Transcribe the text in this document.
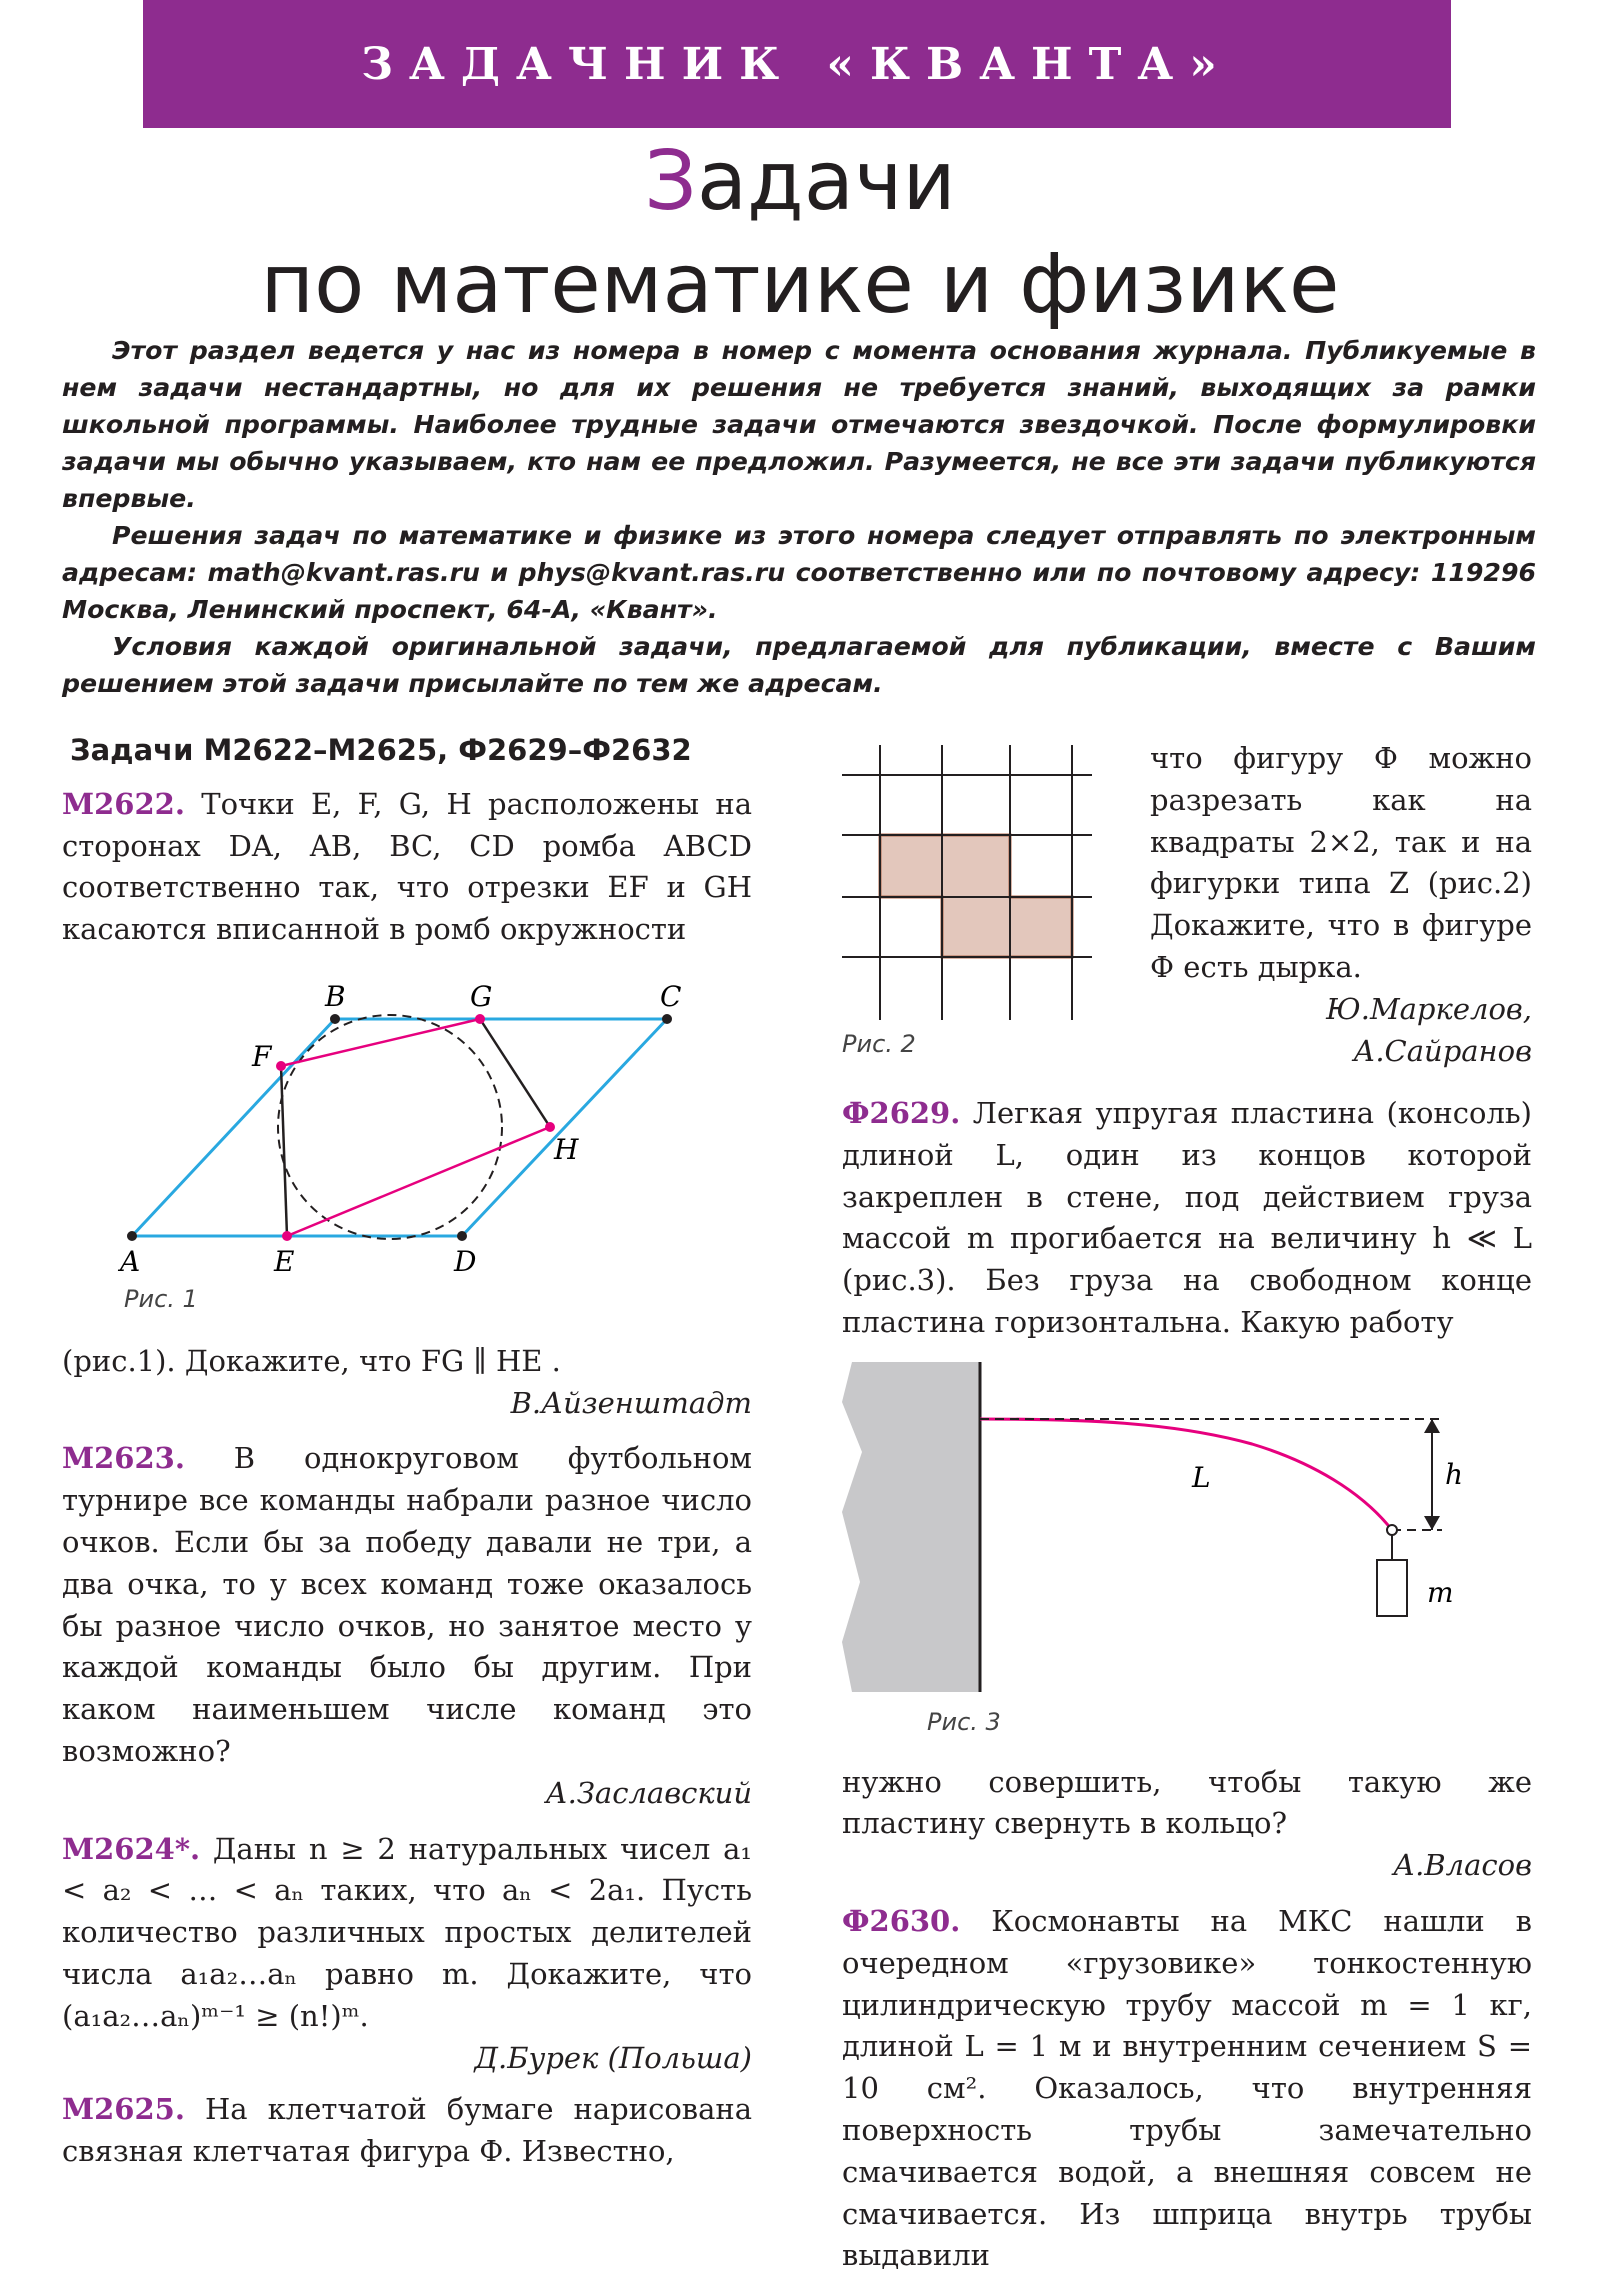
ЗАДАЧНИК «КВАНТА»
Задачи
по математике и физике

Этот раздел ведется у нас из номера в номер с момента основания журнала. Публикуемые в нем задачи нестандартны, но для их решения не требуется знаний, выходящих за рамки школьной программы. Наиболее трудные задачи отмечаются звездочкой. После формулировки задачи мы обычно указываем, кто нам ее предложил. Разумеется, не все эти задачи публикуются впервые.

Решения задач по математике и физике из этого номера следует отправлять по электронным адресам: math@kvant.ras.ru и phys@kvant.ras.ru соответственно или по почтовому адресу: 119296 Москва, Ленинский проспект, 64-А, «Квант».

Условия каждой оригинальной задачи, предлагаемой для публикации, вместе с Вашим решением этой задачи присылайте по тем же адресам.

Задачи М2622–М2625, Ф2629–Ф2632

М2622. Точки E, F, G, H расположены на сторонах DA, AB, BC, CD ромба ABCD соответственно так, что отрезки EF и GH касаются вписанной в ромб окружности

A
B	C
D
E
F
G
H
Рис. 1

(рис.1). Докажите, что FG ∥ HE .

В.Айзенштадт

М2623. В однокруговом футбольном турнире все команды набрали разное число очков. Если бы за победу давали не три, а два очка, то у всех команд тоже оказалось бы разное число очков, но занятое место у каждой команды было бы другим. При каком наименьшем числе команд это возможно?

А.Заславский

М2624*. Даны n ≥ 2 натуральных чисел a₁ < a₂ < … < aₙ таких, что aₙ < 2a₁. Пусть количество различных простых делителей числа a₁a₂…aₙ равно m. Докажите, что (a₁a₂…aₙ)ᵐ⁻¹ ≥ (n!)ᵐ.

Д.Бурек (Польша)

М2625. На клетчатой бумаге нарисована связная клетчатая фигура Ф. Известно,

Рис. 2

что фигуру Ф можно разрезать как на квадраты 2×2, так и на фигурки типа Z (рис.2) Докажите, что в фигуре Ф есть дырка.

Ю.Маркелов,

А.Сайранов

Ф2629. Легкая упругая пластина (консоль) длиной L, один из концов которой закреплен в стене, под действием груза массой m прогибается на величину h ≪ L (рис.3). Без груза на свободном конце пластина горизонтальна. Какую работу

L	h
m
Рис. 3

нужно совершить, чтобы такую же пластину свернуть в кольцо?

А.Власов

Ф2630. Космонавты на МКС нашли в очередном «грузовике» тонкостенную цилиндрическую трубу массой m = 1 кг, длиной L = 1 м и внутренним сечением S = 10 см². Оказалось, что внутренняя поверхность трубы замечательно смачивается водой, а внешняя совсем не смачивается. Из шприца внутрь трубы выдавили
